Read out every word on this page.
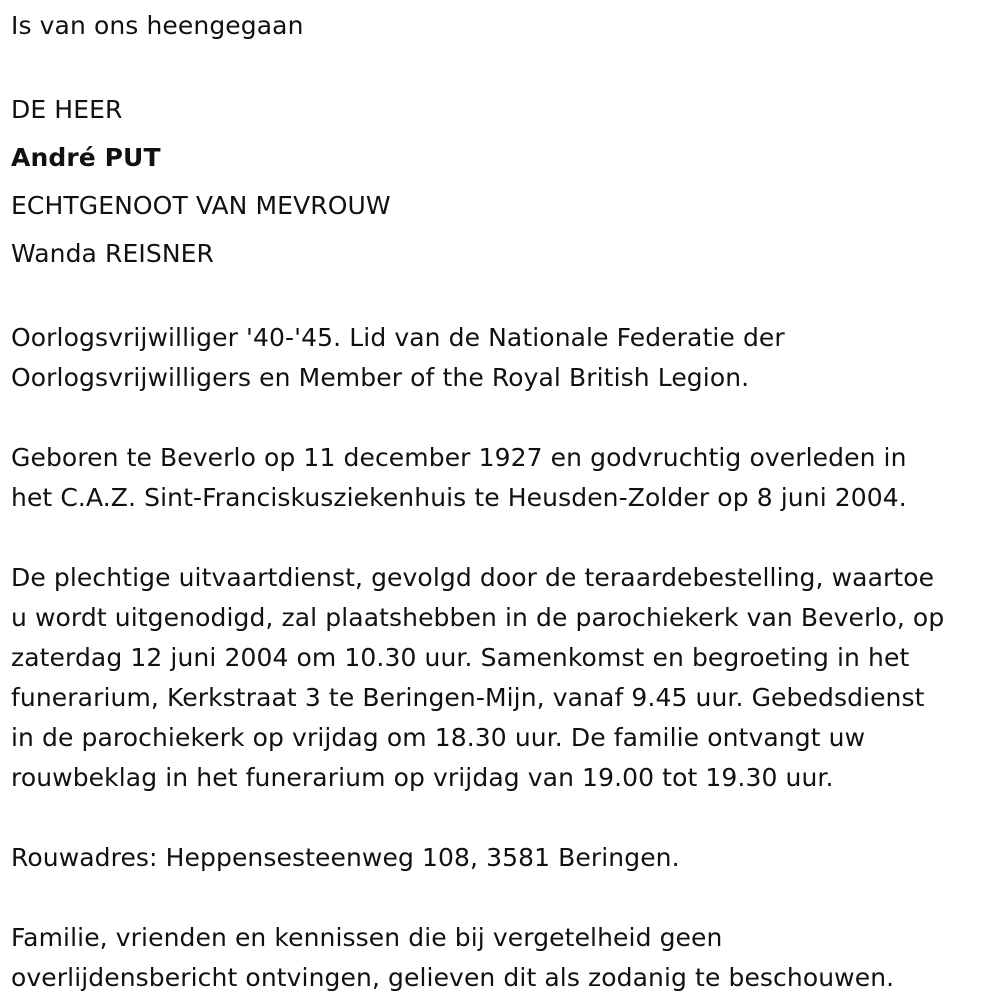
Is van ons heengegaan
DE HEER
André PUT
ECHTGENOOT VAN MEVROUW
Wanda REISNER
Oorlogsvrijwilliger '40-'45. Lid van de Nationale Federatie der
Oorlogsvrijwilligers en Member of the Royal British Legion.
Geboren te Beverlo op 11 december 1927 en godvruchtig overleden in
het C.A.Z. Sint-Franciskusziekenhuis te Heusden-Zolder op 8 juni 2004.
De plechtige uitvaartdienst, gevolgd door de teraardebestelling, waartoe
u wordt uitgenodigd, zal plaatshebben in de parochiekerk van Beverlo, op
zaterdag 12 juni 2004 om 10.30 uur. Samenkomst en begroeting in het
funerarium, Kerkstraat 3 te Beringen-Mijn, vanaf 9.45 uur. Gebedsdienst
in de parochiekerk op vrijdag om 18.30 uur. De familie ontvangt uw
rouwbeklag in het funerarium op vrijdag van 19.00 tot 19.30 uur.
Rouwadres: Heppensesteenweg 108, 3581 Beringen.
Familie, vrienden en kennissen die bij vergetelheid geen
overlijdensbericht ontvingen, gelieven dit als zodanig te beschouwen.
